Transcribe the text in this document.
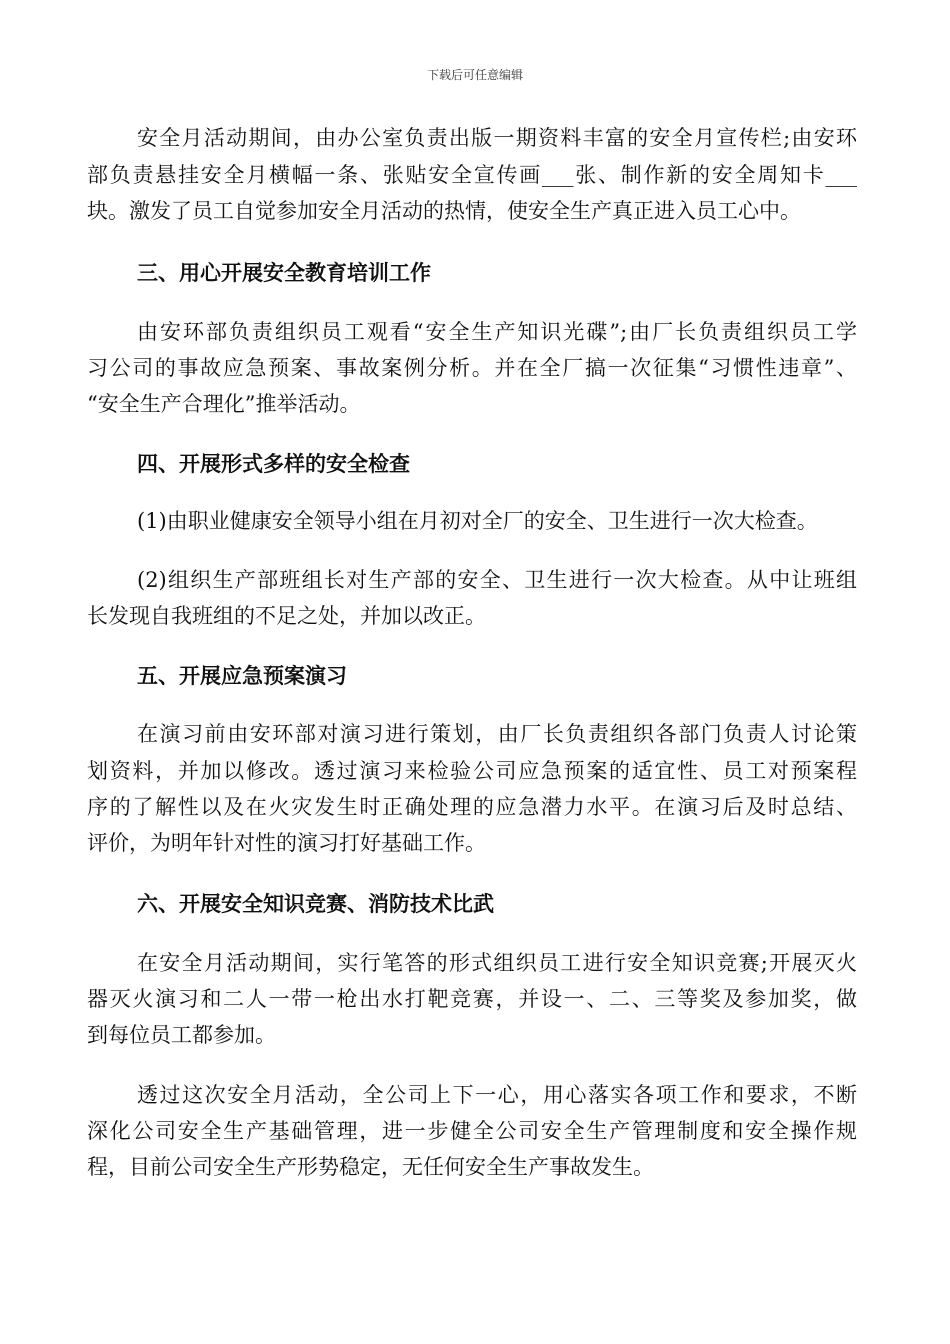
下载后可任意编辑
安全月活动期间，由办公室负责出版一期资料丰富的安全月宣传栏;由安环
部负责悬挂安全月横幅一条、张贴安全宣传画___张、制作新的安全周知卡___
块。激发了员工自觉参加安全月活动的热情，使安全生产真正进入员工心中。
三、用心开展安全教育培训工作
由安环部负责组织员工观看“安全生产知识光碟”;由厂长负责组织员工学
习公司的事故应急预案、事故案例分析。并在全厂搞一次征集“习惯性违章”、
“安全生产合理化”推举活动。
四、开展形式多样的安全检查
(1)由职业健康安全领导小组在月初对全厂的安全、卫生进行一次大检查。
(2)组织生产部班组长对生产部的安全、卫生进行一次大检查。从中让班组
长发现自我班组的不足之处，并加以改正。
五、开展应急预案演习
在演习前由安环部对演习进行策划，由厂长负责组织各部门负责人讨论策
划资料，并加以修改。透过演习来检验公司应急预案的适宜性、员工对预案程
序的了解性以及在火灾发生时正确处理的应急潜力水平。在演习后及时总结、
评价，为明年针对性的演习打好基础工作。
六、开展安全知识竞赛、消防技术比武
在安全月活动期间，实行笔答的形式组织员工进行安全知识竞赛;开展灭火
器灭火演习和二人一带一枪出水打靶竞赛，并设一、二、三等奖及参加奖，做
到每位员工都参加。
透过这次安全月活动，全公司上下一心，用心落实各项工作和要求，不断
深化公司安全生产基础管理，进一步健全公司安全生产管理制度和安全操作规
程，目前公司安全生产形势稳定，无任何安全生产事故发生。
